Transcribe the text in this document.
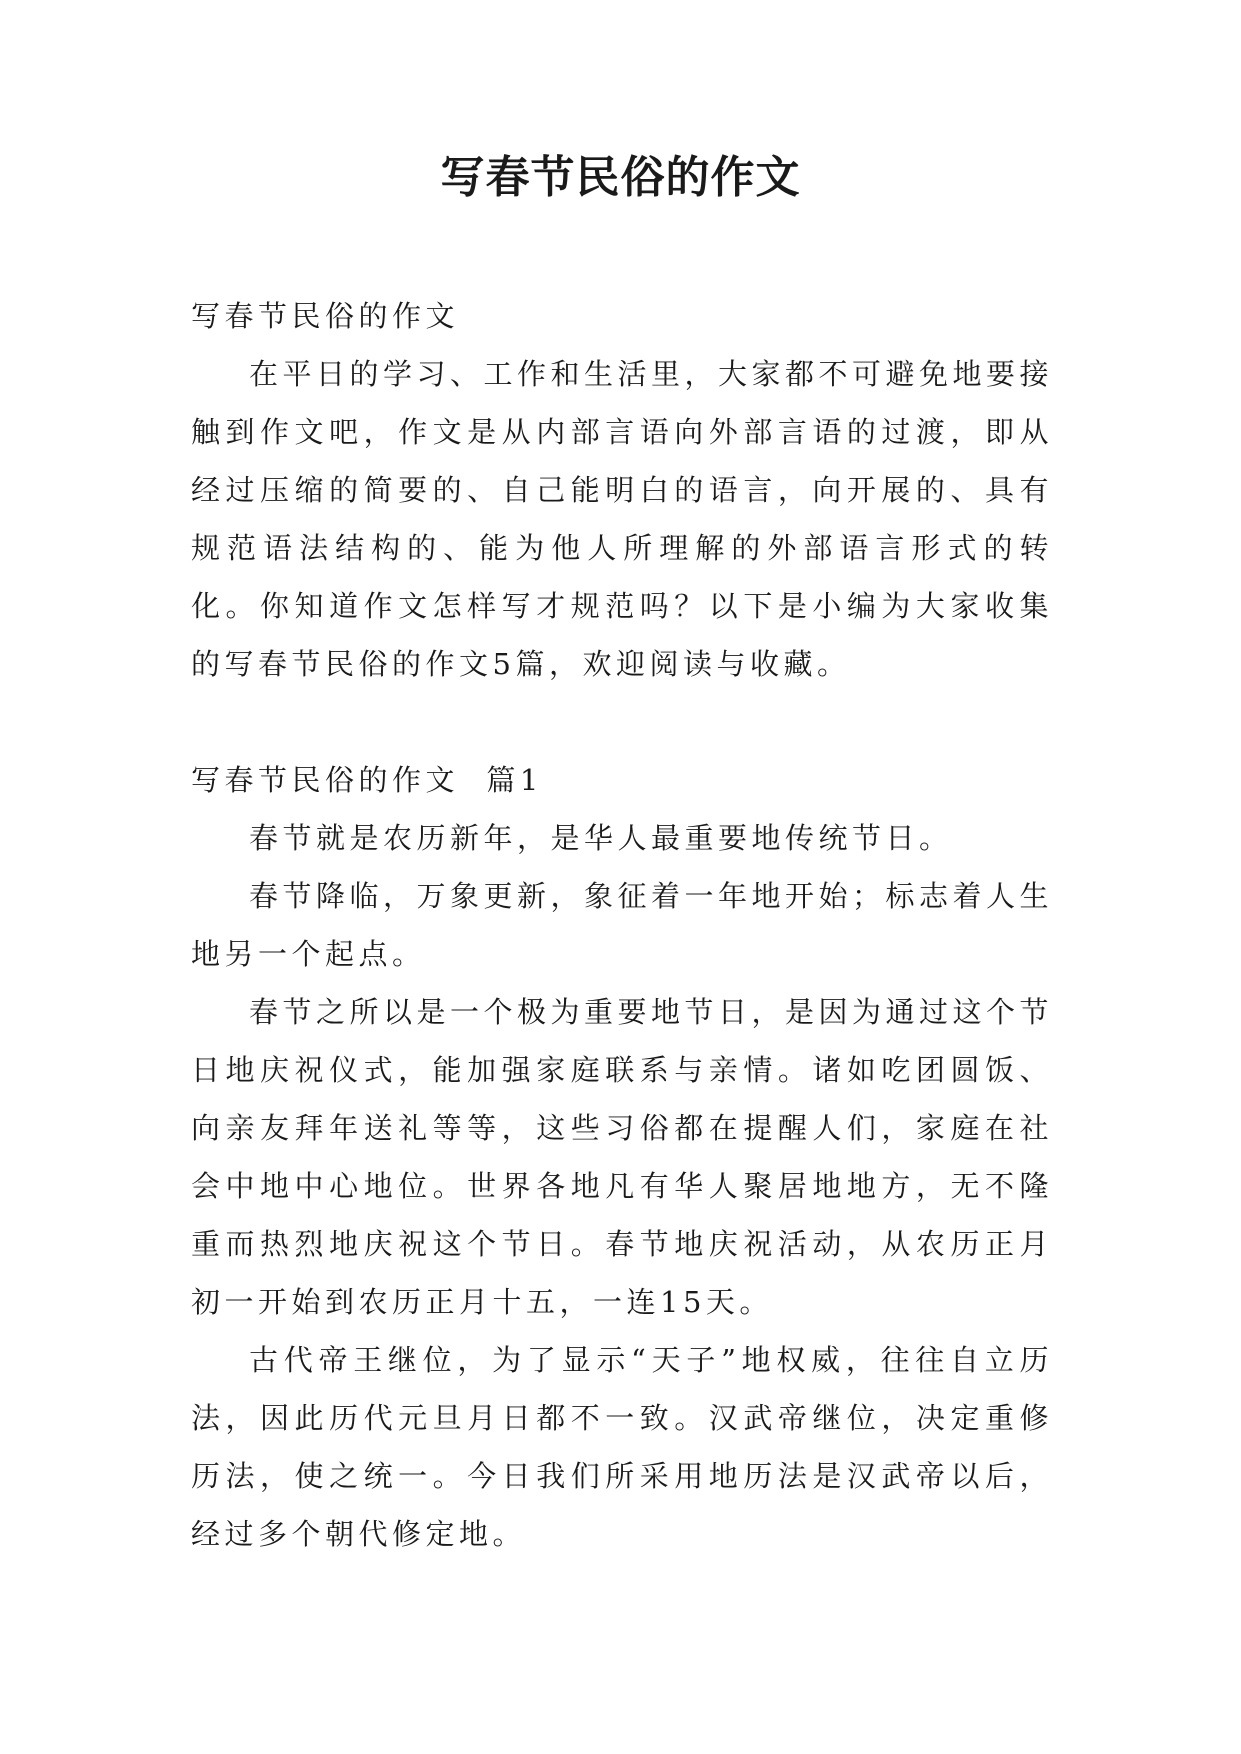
写春节民俗的作文

写春节民俗的作文

在平日的学习、工作和生活里，大家都不可避免地要接触到作文吧，作文是从内部言语向外部言语的过渡，即从经过压缩的简要的、自己能明白的语言，向开展的、具有规范语法结构的、能为他人所理解的外部语言形式的转化。你知道作文怎样写才规范吗？以下是小编为大家收集的写春节民俗的作文5篇，欢迎阅读与收藏。

写春节民俗的作文  篇1

春节就是农历新年，是华人最重要地传统节日。

春节降临，万象更新，象征着一年地开始；标志着人生地另一个起点。

春节之所以是一个极为重要地节日，是因为通过这个节日地庆祝仪式，能加强家庭联系与亲情。诸如吃团圆饭、向亲友拜年送礼等等，这些习俗都在提醒人们，家庭在社会中地中心地位。世界各地凡有华人聚居地地方，无不隆重而热烈地庆祝这个节日。春节地庆祝活动，从农历正月初一开始到农历正月十五，一连15天。

古代帝王继位，为了显示“天子”地权威，往往自立历法，因此历代元旦月日都不一致。汉武帝继位，决定重修历法，使之统一。今日我们所采用地历法是汉武帝以后，经过多个朝代修定地。
